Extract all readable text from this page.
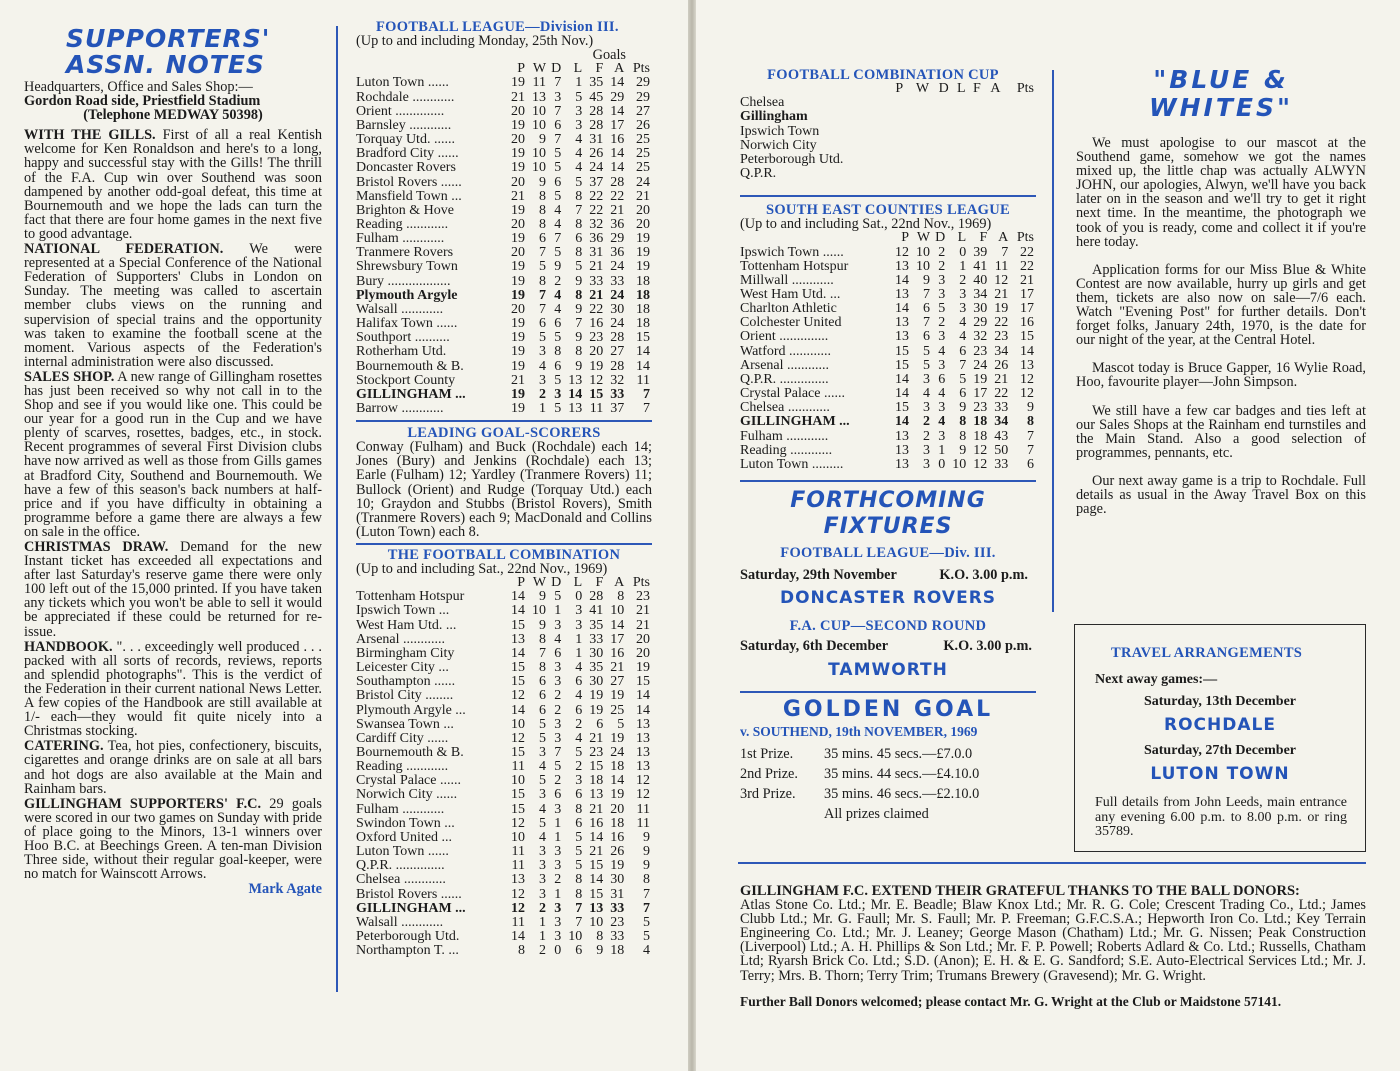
SUPPORTERS'
ASSN. NOTES
Headquarters, Office and Sales Shop:—
Gordon Road side, Priestfield Stadium
(Telephone MEDWAY 50398)

WITH THE GILLS. First of all a real Kentish welcome for Ken Ronaldson and here's to a long, happy and successful stay with the Gills! The thrill of the F.A. Cup win over Southend was soon dampened by another odd-goal defeat, this time at Bournemouth and we hope the lads can turn the fact that there are four home games in the next five to good advantage.

NATIONAL FEDERATION. We were represented at a Special Conference of the National Federation of Supporters' Clubs in London on Sunday. The meeting was called to ascertain member clubs views on the running and supervision of special trains and the opportunity was taken to examine the football scene at the moment. Various aspects of the Federation's internal administration were also discussed.

SALES SHOP. A new range of Gillingham rosettes has just been received so why not call in to the Shop and see if you would like one. This could be our year for a good run in the Cup and we have plenty of scarves, rosettes, badges, etc., in stock. Recent programmes of several First Division clubs have now arrived as well as those from Gills games at Bradford City, Southend and Bournemouth. We have a few of this season's back numbers at half-price and if you have difficulty in obtaining a programme before a game there are always a few on sale in the office.

CHRISTMAS DRAW. Demand for the new Instant ticket has exceeded all expectations and after last Saturday's reserve game there were only 100 left out of the 15,000 printed. If you have taken any tickets which you won't be able to sell it would be appreciated if these could be returned for re-issue.

HANDBOOK. ". . . exceedingly well produced . . . packed with all sorts of records, reviews, reports and splendid photographs". This is the verdict of the Federation in their current national News Letter. A few copies of the Handbook are still available at 1/- each—they would fit quite nicely into a Christmas stocking.

CATERING. Tea, hot pies, confectionery, biscuits, cigarettes and orange drinks are on sale at all bars and hot dogs are also available at the Main and Rainham bars.

GILLINGHAM SUPPORTERS' F.C. 29 goals were scored in our two games on Sunday with pride of place going to the Minors, 13-1 winners over Hoo B.C. at Beechings Green. A ten-man Division Three side, without their regular goal-keeper, were no match for Wainscott Arrows.

Mark Agate
FOOTBALL LEAGUE—Division III.
(Up to and including Monday, 25th Nov.)
Goals
	P	W	D	L	F	A	Pts
Luton Town ......	19	11	7	1	35	14	29
Rochdale ............	21	13	3	5	45	29	29
Orient ..............	20	10	7	3	28	14	27
Barnsley ............	19	10	6	3	28	17	26
Torquay Utd. ......	20	9	7	4	31	16	25
Bradford City ......	19	10	5	4	26	14	25
Doncaster Rovers	19	10	5	4	24	14	25
Bristol Rovers ......	20	9	6	5	37	28	24
Mansfield Town ...	21	8	5	8	22	22	21
Brighton & Hove	19	8	4	7	22	21	20
Reading ............	20	8	4	8	32	36	20
Fulham ............	19	6	7	6	36	29	19
Tranmere Rovers	20	7	5	8	31	36	19
Shrewsbury Town	19	5	9	5	21	24	19
Bury ..................	19	8	2	9	33	33	18
Plymouth Argyle	19	7	4	8	21	24	18
Walsall ............	20	7	4	9	22	30	18
Halifax Town ......	19	6	6	7	16	24	18
Southport ..........	19	5	5	9	23	28	15
Rotherham Utd.	19	3	8	8	20	27	14
Bournemouth & B.	19	4	6	9	19	28	14
Stockport County	21	3	5	13	12	32	11
GILLINGHAM ...	19	2	3	14	15	33	7
Barrow ............	19	1	5	13	11	37	7
LEADING GOAL-SCORERS

Conway (Fulham) and Buck (Rochdale) each 14; Jones (Bury) and Jenkins (Rochdale) each 13; Earle (Fulham) 12; Yardley (Tranmere Rovers) 11; Bullock (Orient) and Rudge (Torquay Utd.) each 10; Graydon and Stubbs (Bristol Rovers), Smith (Tranmere Rovers) each 9; MacDonald and Collins (Luton Town) each 8.

THE FOOTBALL COMBINATION
(Up to and including Sat., 22nd Nov., 1969)
	P	W	D	L	F	A	Pts
Tottenham Hotspur	14	9	5	0	28	8	23
Ipswich Town ...	14	10	1	3	41	10	21
West Ham Utd. ...	15	9	3	3	35	14	21
Arsenal ............	13	8	4	1	33	17	20
Birmingham City	14	7	6	1	30	16	20
Leicester City ...	15	8	3	4	35	21	19
Southampton ......	15	6	3	6	30	27	15
Bristol City ........	12	6	2	4	19	19	14
Plymouth Argyle ...	14	6	2	6	19	25	14
Swansea Town ...	10	5	3	2	6	5	13
Cardiff City ......	12	5	3	4	21	19	13
Bournemouth & B.	15	3	7	5	23	24	13
Reading ............	11	4	5	2	15	18	13
Crystal Palace ......	10	5	2	3	18	14	12
Norwich City ......	15	3	6	6	13	19	12
Fulham ............	15	4	3	8	21	20	11
Swindon Town ...	12	5	1	6	16	18	11
Oxford United ...	10	4	1	5	14	16	9
Luton Town ......	11	3	3	5	21	26	9
Q.P.R. ..............	11	3	3	5	15	19	9
Chelsea ............	13	3	2	8	14	30	8
Bristol Rovers ......	12	3	1	8	15	31	7
GILLINGHAM ...	12	2	3	7	13	33	7
Walsall ............	11	1	3	7	10	23	5
Peterborough Utd.	14	1	3	10	8	33	5
Northampton T. ...	8	2	0	6	9	18	4
FOOTBALL COMBINATION CUP
	P	W	D	L	F	A	Pts
Chelsea							
Gillingham							
Ipswich Town							
Norwich City							
Peterborough Utd.							
Q.P.R.							
SOUTH EAST COUNTIES LEAGUE
(Up to and including Sat., 22nd Nov., 1969)
	P	W	D	L	F	A	Pts
Ipswich Town ......	12	10	2	0	39	7	22
Tottenham Hotspur	13	10	2	1	41	11	22
Millwall ............	14	9	3	2	40	12	21
West Ham Utd. ...	13	7	3	3	34	21	17
Charlton Athletic	14	6	5	3	30	19	17
Colchester United	13	7	2	4	29	22	16
Orient ..............	13	6	3	4	32	23	15
Watford ............	15	5	4	6	23	34	14
Arsenal ............	15	5	3	7	24	26	13
Q.P.R. ..............	14	3	6	5	19	21	12
Crystal Palace ......	14	4	4	6	17	22	12
Chelsea ............	15	3	3	9	23	33	9
GILLINGHAM ...	14	2	4	8	18	34	8
Fulham ............	13	2	3	8	18	43	7
Reading ............	13	3	1	9	12	50	7
Luton Town .........	13	3	0	10	12	33	6
FORTHCOMING FIXTURES
FOOTBALL LEAGUE—Div. III.
Saturday, 29th November	K.O. 3.00 p.m.
DONCASTER ROVERS
F.A. CUP—SECOND ROUND
Saturday, 6th December	K.O. 3.00 p.m.
TAMWORTH
GOLDEN GOAL
v. SOUTHEND, 19th NOVEMBER, 1969
1st Prize.	35 mins. 45 secs.—£7.0.0
2nd Prize.	35 mins. 44 secs.—£4.10.0
3rd Prize.	35 mins. 46 secs.—£2.10.0
All prizes claimed
"BLUE & WHITES"

We must apologise to our mascot at the Southend game, somehow we got the names mixed up, the little chap was actually ALWYN JOHN, our apologies, Alwyn, we'll have you back later on in the season and we'll try to get it right next time. In the meantime, the photograph we took of you is ready, come and collect it if you're here today.

Application forms for our Miss Blue & White Contest are now available, hurry up girls and get them, tickets are also now on sale—7/6 each. Watch "Evening Post" for further details. Don't forget folks, January 24th, 1970, is the date for our night of the year, at the Central Hotel.

Mascot today is Bruce Gapper, 16 Wylie Road, Hoo, favourite player—John Simpson.

We still have a few car badges and ties left at our Sales Shops at the Rainham end turnstiles and the Main Stand. Also a good selection of programmes, pennants, etc.

Our next away game is a trip to Rochdale. Full details as usual in the Away Travel Box on this page.

TRAVEL ARRANGEMENTS
Next away games:—
Saturday, 13th December
ROCHDALE
Saturday, 27th December
LUTON TOWN

Full details from John Leeds, main entrance any evening 6.00 p.m. to 8.00 p.m. or ring 35789.

GILLINGHAM F.C. EXTEND THEIR GRATEFUL THANKS TO THE BALL DONORS:

Atlas Stone Co. Ltd.; Mr. E. Beadle; Blaw Knox Ltd.; Mr. R. G. Cole; Crescent Trading Co., Ltd.; James Clubb Ltd.; Mr. G. Faull; Mr. S. Faull; Mr. P. Freeman; G.F.C.S.A.; Hepworth Iron Co. Ltd.; Key Terrain Engineering Co. Ltd.; Mr. J. Leaney; George Mason (Chatham) Ltd.; Mr. G. Nissen; Peak Construction (Liverpool) Ltd.; A. H. Phillips & Son Ltd.; Mr. F. P. Powell; Roberts Adlard & Co. Ltd.; Russells, Chatham Ltd; Ryarsh Brick Co. Ltd.; S.D. (Anon); E. H. & E. G. Sandford; S.E. Auto-Electrical Services Ltd.; Mr. J. Terry; Mrs. B. Thorn; Terry Trim; Trumans Brewery (Gravesend); Mr. G. Wright.

Further Ball Donors welcomed; please contact Mr. G. Wright at the Club or Maidstone 57141.
